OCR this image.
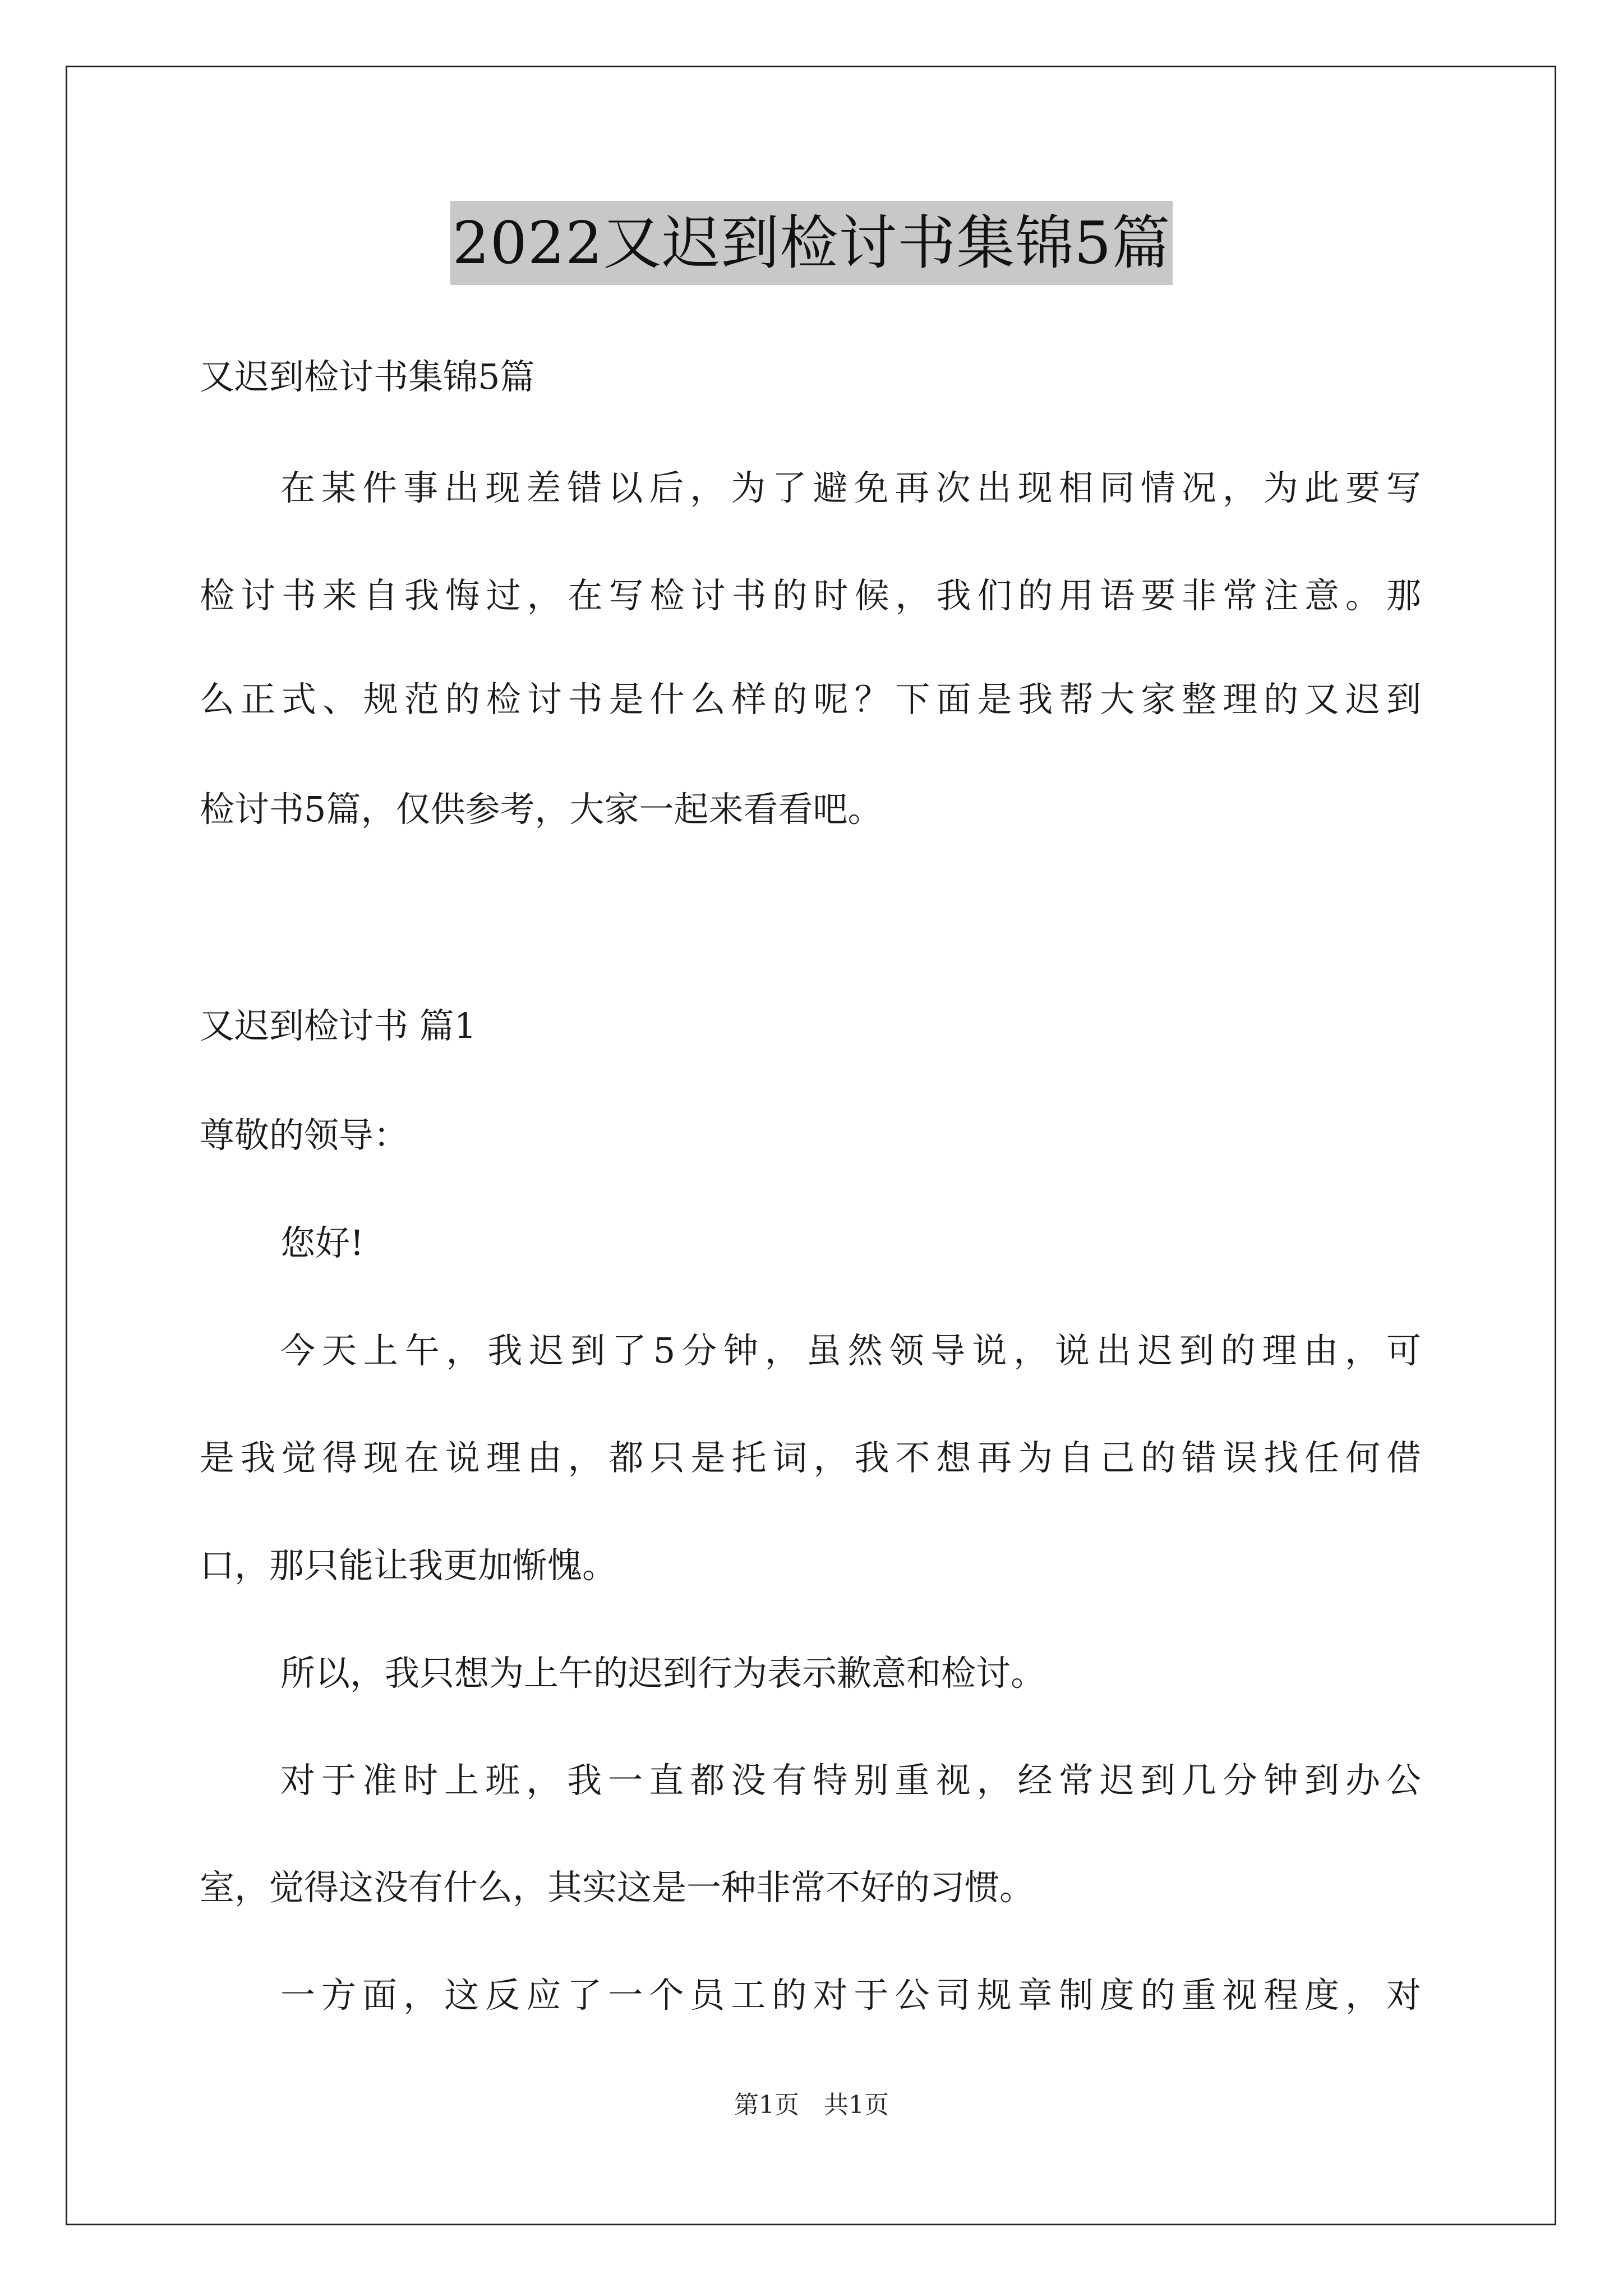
2022又迟到检讨书集锦5篇

又迟到检讨书集锦5篇

在某件事出现差错以后，为了避免再次出现相同情况，为此要写

检讨书来自我悔过，在写检讨书的时候，我们的用语要非常注意。那

么正式、规范的检讨书是什么样的呢？下面是我帮大家整理的又迟到

检讨书5篇，仅供参考，大家一起来看看吧。

又迟到检讨书 篇1

尊敬的领导：

您好!

今天上午，我迟到了5分钟，虽然领导说，说出迟到的理由，可

是我觉得现在说理由，都只是托词，我不想再为自己的错误找任何借

口，那只能让我更加惭愧。

所以，我只想为上午的迟到行为表示歉意和检讨。

对于准时上班，我一直都没有特别重视，经常迟到几分钟到办公

室，觉得这没有什么，其实这是一种非常不好的习惯。

一方面，这反应了一个员工的对于公司规章制度的重视程度，对

第1页　共1页
